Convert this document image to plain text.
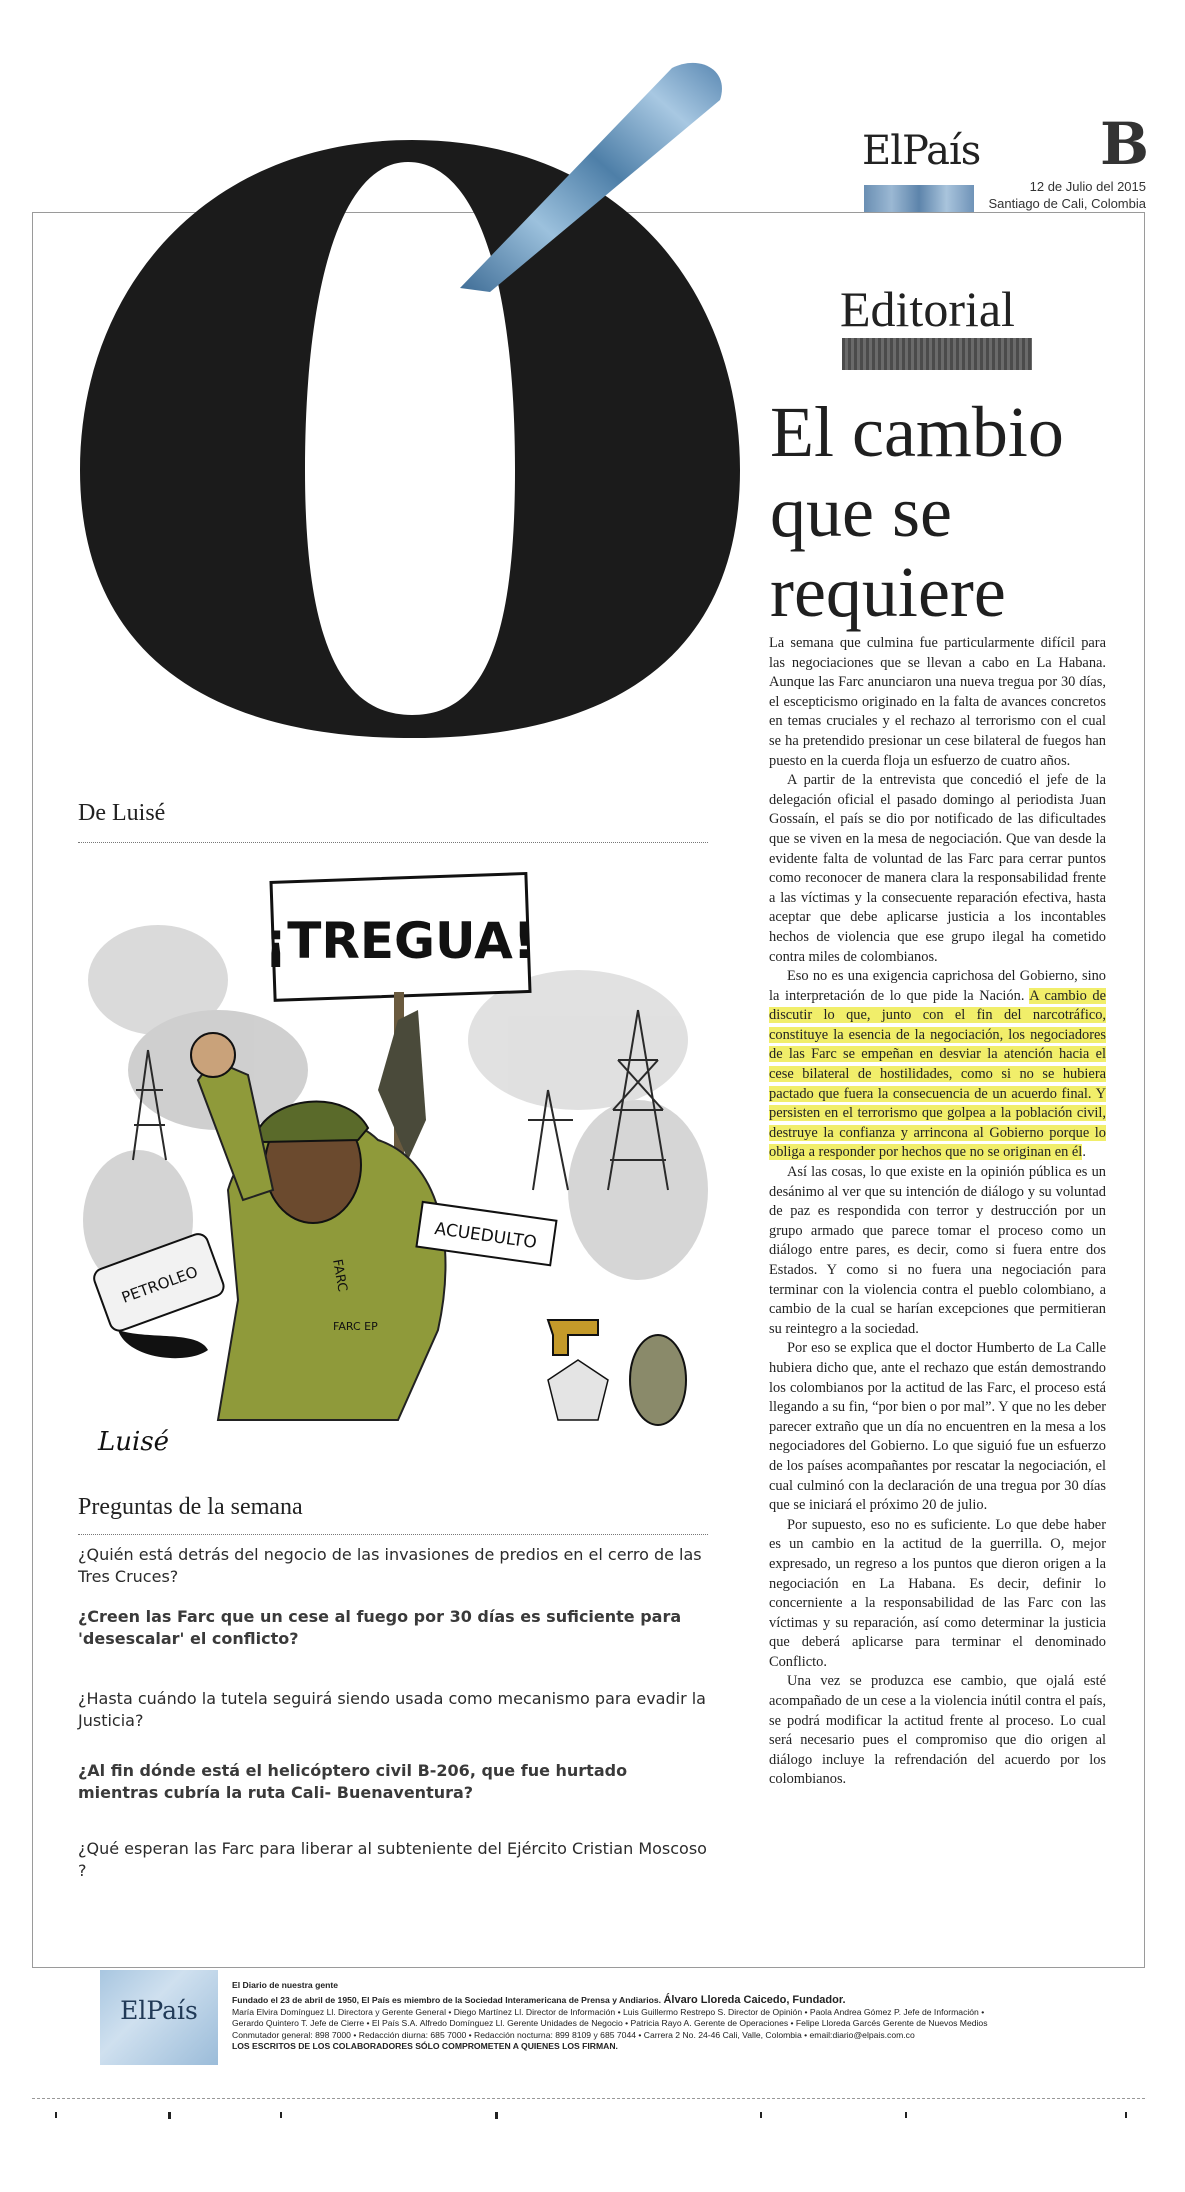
ElPaís B
12 de Julio del 2015
Santiago de Cali, Colombia
Editorial
El cambio
que se
requiere

La semana que culmina fue particularmente difícil para las negociaciones que se llevan a cabo en La Habana. Aunque las Farc anunciaron una nueva tregua por 30 días, el escepticismo originado en la falta de avances concretos en temas cruciales y el rechazo al terrorismo con el cual se ha pretendido presionar un cese bilateral de fuegos han puesto en la cuerda floja un esfuerzo de cuatro años.

A partir de la entrevista que concedió el jefe de la delegación oficial el pasado domingo al periodista Juan Gossaín, el país se dio por notificado de las dificultades que se viven en la mesa de negociación. Que van desde la evidente falta de voluntad de las Farc para cerrar puntos como reconocer de manera clara la responsabilidad frente a las víctimas y la consecuente reparación efectiva, hasta aceptar que debe aplicarse justicia a los incontables hechos de violencia que ese grupo ilegal ha cometido contra miles de colombianos.

Eso no es una exigencia caprichosa del Gobierno, sino la interpretación de lo que pide la Nación. A cambio de discutir lo que, junto con el fin del narcotráfico, constituye la esencia de la negociación, los negociadores de las Farc se empeñan en desviar la atención hacia el cese bilateral de hostilidades, como si no se hubiera pactado que fuera la consecuencia de un acuerdo final. Y persisten en el terrorismo que golpea a la población civil, destruye la confianza y arrincona al Gobierno porque lo obliga a responder por hechos que no se originan en él.

Así las cosas, lo que existe en la opinión pública es un desánimo al ver que su intención de diálogo y su voluntad de paz es respondida con terror y destrucción por un grupo armado que parece tomar el proceso como un diálogo entre pares, es decir, como si fuera entre dos Estados. Y como si no fuera una negociación para terminar con la violencia contra el pueblo colombiano, a cambio de la cual se harían excepciones que permitieran su reintegro a la sociedad.

Por eso se explica que el doctor Humberto de La Calle hubiera dicho que, ante el rechazo que están demostrando los colombianos por la actitud de las Farc, el proceso está llegando a su fin, “por bien o por mal”. Y que no les deber parecer extraño que un día no encuentren en la mesa a los negociadores del Gobierno. Lo que siguió fue un esfuerzo de los países acompañantes por rescatar la negociación, el cual culminó con la declaración de una tregua por 30 días que se iniciará el próximo 20 de julio.

Por supuesto, eso no es suficiente. Lo que debe haber es un cambio en la actitud de la guerrilla. O, mejor expresado, un regreso a los puntos que dieron origen a la negociación en La Habana. Es decir, definir lo concerniente a la responsabilidad de las Farc con las víctimas y su reparación, así como determinar la justicia que deberá aplicarse para terminar el denominado Conflicto.

Una vez se produzca ese cambio, que ojalá esté acompañado de un cese a la violencia inútil contra el país, se podrá modificar la actitud frente al proceso. Lo cual será necesario pues el compromiso que dio origen al diálogo incluye la refrendación del acuerdo por los colombianos.

De Luisé
¡TREGUA!
PETROLEO
ACUEDULTO
FARC
FARC EP
Luisé
Preguntas de la semana
¿Quién está detrás del negocio de las invasiones de predios en el cerro de las Tres Cruces?
¿Creen las Farc que un cese al fuego por 30 días es suficiente para 'desescalar' el conflicto?
¿Hasta cuándo la tutela seguirá siendo usada como mecanismo para evadir la Justicia?
¿Al fin dónde está el helicóptero civil B-206, que fue hurtado mientras cubría la ruta Cali- Buenaventura?
¿Qué esperan las Farc para liberar al subteniente del Ejército Cristian Moscoso ?
ElPaís
El Diario de nuestra gente
Fundado el 23 de abril de 1950, El País es miembro de la Sociedad Interamericana de Prensa y Andiarios. Álvaro Lloreda Caicedo, Fundador.
María Elvira Domínguez Ll. Directora y Gerente General • Diego Martínez Ll. Director de Información • Luis Guillermo Restrepo S. Director de Opinión • Paola Andrea Gómez P. Jefe de Información •
Gerardo Quintero T. Jefe de Cierre • El País S.A. Alfredo Domínguez Ll. Gerente Unidades de Negocio • Patricia Rayo A. Gerente de Operaciones • Felipe Lloreda Garcés Gerente de Nuevos Medios
Conmutador general: 898 7000 • Redacción diurna: 685 7000 • Redacción nocturna: 899 8109 y 685 7044 • Carrera 2 No. 24-46 Cali, Valle, Colombia • email:diario@elpais.com.co
LOS ESCRITOS DE LOS COLABORADORES SÓLO COMPROMETEN A QUIENES LOS FIRMAN.
